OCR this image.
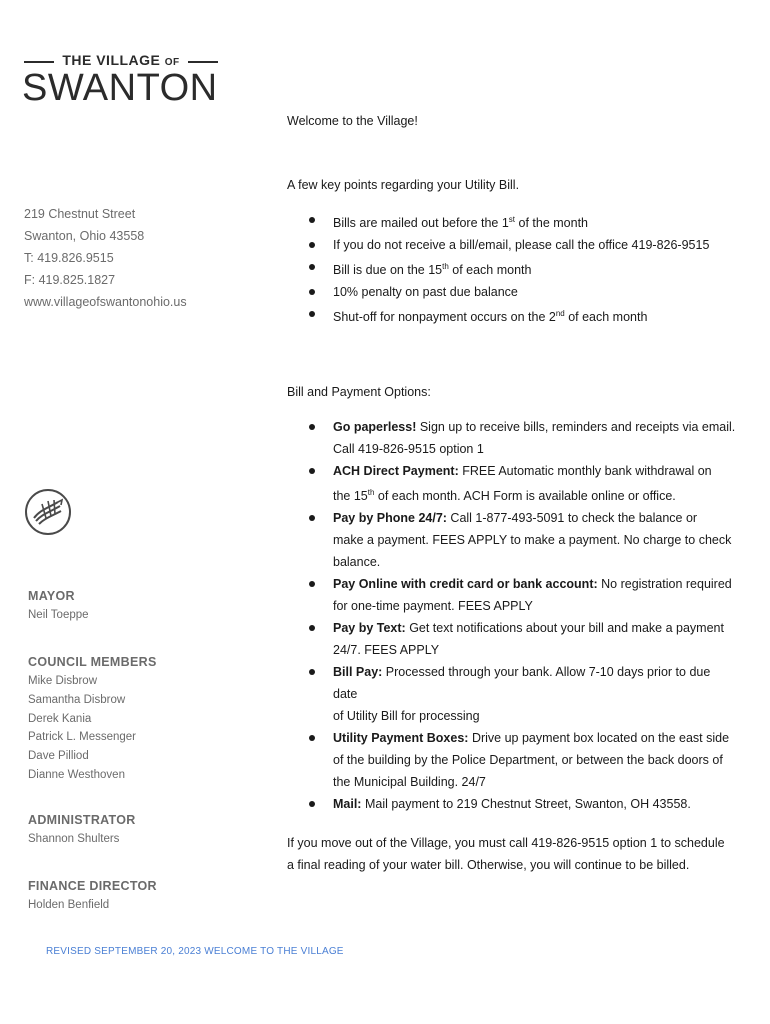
THE VILLAGE OF
SWANTON
219 Chestnut Street
Swanton, Ohio 43558
T: 419.826.9515
F: 419.825.1827
www.villageofswantonohio.us
MAYOR
Neil Toeppe
COUNCIL MEMBERS
Mike Disbrow
Samantha Disbrow
Derek Kania
Patrick L. Messenger
Dave Pilliod
Dianne Westhoven
ADMINISTRATOR
Shannon Shulters
FINANCE DIRECTOR
Holden Benfield
Welcome to the Village!
A few key points regarding your Utility Bill.
Bills are mailed out before the 1st of the month
If you do not receive a bill/email, please call the office 419-826-9515
Bill is due on the 15th of each month
10% penalty on past due balance
Shut-off for nonpayment occurs on the 2nd of each month
Bill and Payment Options:
Go paperless! Sign up to receive bills, reminders and receipts via email.
Call 419-826-9515 option 1
ACH Direct Payment: FREE Automatic monthly bank withdrawal on
the 15th of each month. ACH Form is available online or office.
Pay by Phone 24/7: Call 1-877-493-5091 to check the balance or
make a payment. FEES APPLY to make a payment. No charge to check
balance.
Pay Online with credit card or bank account: No registration required
for one-time payment. FEES APPLY
Pay by Text: Get text notifications about your bill and make a payment
24/7. FEES APPLY
Bill Pay: Processed through your bank. Allow 7-10 days prior to due date
of Utility Bill for processing
Utility Payment Boxes: Drive up payment box located on the east side
of the building by the Police Department, or between the back doors of
the Municipal Building. 24/7
Mail: Mail payment to 219 Chestnut Street, Swanton, OH 43558.
If you move out of the Village, you must call 419-826-9515 option 1 to schedule
a final reading of your water bill. Otherwise, you will continue to be billed.
REVISED SEPTEMBER 20, 2023 WELCOME TO THE VILLAGE
